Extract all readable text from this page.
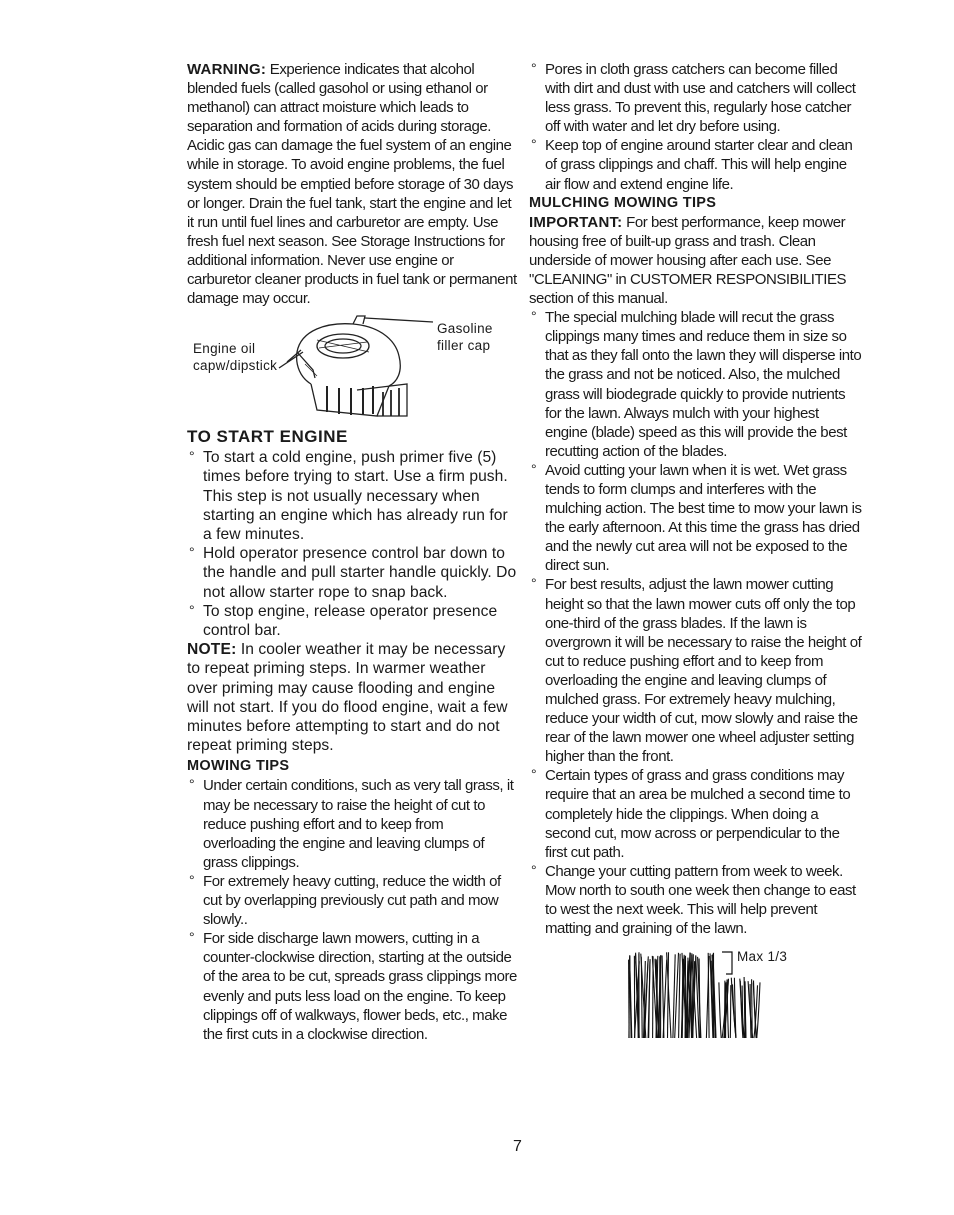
WARNING: Experience indicates that alcohol blended fuels (called gasohol or using ethanol or methanol) can attract moisture which leads to separation and formation of acids during storage. Acidic gas can damage the fuel system of an engine while in storage. To avoid engine problems, the fuel system should be emptied before storage of 30 days or longer. Drain the fuel tank, start the engine and let it run until fuel lines and carburetor are empty. Use fresh fuel next season. See Storage Instructions for additional information. Never use engine or carburetor cleaner products in fuel tank or permanent damage may occur.

Engine oil
capw/dipstick
Gasoline
filler cap
TO START ENGINE
° To start a cold engine, push primer five (5) times before trying to start. Use a firm push. This step is not usually necessary when starting an engine which has already run for a few minutes.
° Hold operator presence control bar down to the handle and pull starter handle quickly. Do not allow starter rope to snap back.
° To stop engine, release operator presence control bar.

NOTE: In cooler weather it may be necessary to repeat priming steps. In warmer weather over priming may cause flooding and engine will not start. If you do flood engine, wait a few minutes before attempting to start and do not repeat priming steps.

MOWING TIPS
° Under certain conditions, such as very tall grass, it may be necessary to raise the height of cut to reduce pushing effort and to keep from overloading the engine and leaving clumps of grass clippings.
° For extremely heavy cutting, reduce the width of cut by overlapping previously cut path and mow slowly..
° For side discharge lawn mowers, cutting in a counter-clockwise direction, starting at the outside of the area to be cut, spreads grass clippings more evenly and puts less load on the engine. To keep clippings off of walkways, flower beds, etc., make the first cuts in a clockwise direction.
° Pores in cloth grass catchers can become filled with dirt and dust with use and catchers will collect less grass. To prevent this, regularly hose catcher off with water and let dry before using.
° Keep top of engine around starter clear and clean of grass clippings and chaff. This will help engine air flow and extend engine life.
MULCHING MOWING TIPS

IMPORTANT: For best performance, keep mower housing free of built-up grass and trash. Clean underside of mower housing after each use. See "CLEANING" in CUSTOMER RESPONSIBILITIES section of this manual.

° The special mulching blade will recut the grass clippings many times and reduce them in size so that as they fall onto the lawn they will disperse into the grass and not be noticed. Also, the mulched grass will biodegrade quickly to provide nutrients for the lawn. Always mulch with your highest engine (blade) speed as this will provide the best recutting action of the blades.
° Avoid cutting your lawn when it is wet. Wet grass tends to form clumps and interferes with the mulching action. The best time to mow your lawn is the early afternoon. At this time the grass has dried and the newly cut area will not be exposed to the direct sun.
° For best results, adjust the lawn mower cutting height so that the lawn mower cuts off only the top one-third of the grass blades. If the lawn is overgrown it will be necessary to raise the height of cut to reduce pushing effort and to keep from overloading the engine and leaving clumps of mulched grass. For extremely heavy mulching, reduce your width of cut, mow slowly and raise the rear of the lawn mower one wheel adjuster setting higher than the front.
° Certain types of grass and grass conditions may require that an area be mulched a second time to completely hide the clippings. When doing a second cut, mow across or perpendicular to the first cut path.
° Change your cutting pattern from week to week. Mow north to south one week then change to east to west the next week. This will help prevent matting and graining of the lawn.
Max 1/3
7
